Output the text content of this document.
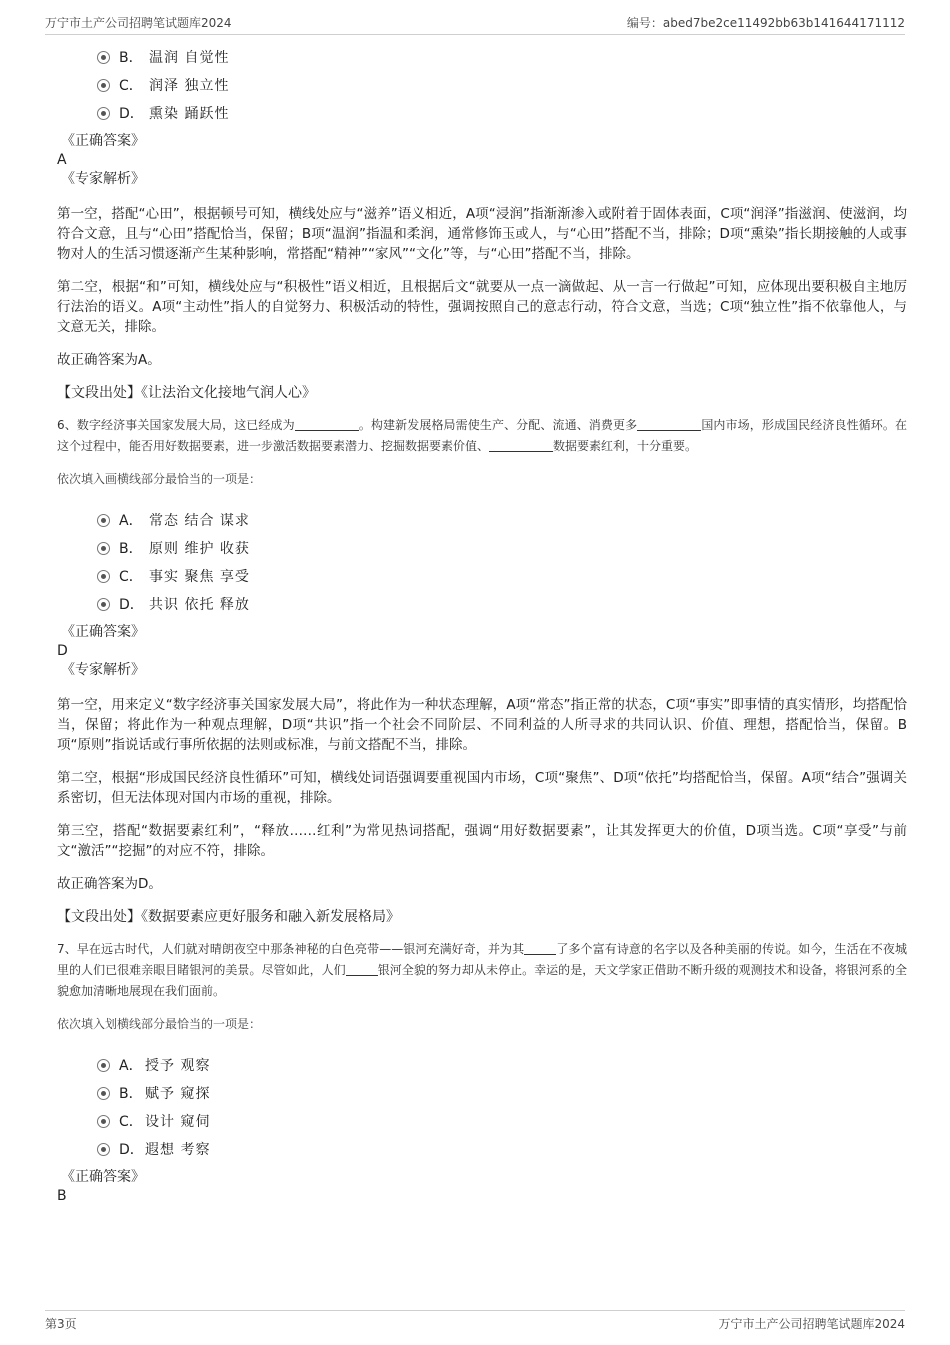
万宁市土产公司招聘笔试题库2024	编号：abed7be2ce11492bb63b141644171112
B． 温润 自觉性
C． 润泽 独立性
D． 熏染 踊跃性
《正确答案》
A
《专家解析》

第一空，搭配“心田”，根据顿号可知，横线处应与“滋养”语义相近，A项“浸润”指渐渐渗入或附着于固体表面，C项“润泽”指滋润、使滋润，均符合文意，且与“心田”搭配恰当，保留；B项“温润”指温和柔润，通常修饰玉或人，与“心田”搭配不当，排除；D项“熏染”指长期接触的人或事物对人的生活习惯逐渐产生某种影响，常搭配“精神”“家风”“文化”等，与“心田”搭配不当，排除。

第二空，根据“和”可知，横线处应与“积极性”语义相近，且根据后文“就要从一点一滴做起、从一言一行做起”可知，应体现出要积极自主地厉行法治的语义。A项“主动性”指人的自觉努力、积极活动的特性，强调按照自己的意志行动，符合文意，当选；C项“独立性”指不依靠他人，与文意无关，排除。

故正确答案为A。

【文段出处】《让法治文化接地气润人心》

6、数字经济事关国家发展大局，这已经成为	。构建新发展格局需使生产、分配、流通、消费更多	国内市场，形成国民经济良性循环。在这个过程中，能否用好数据要素，进一步激活数据要素潜力、挖掘数据要素价值、	数据要素红利，十分重要。

依次填入画横线部分最恰当的一项是：
A． 常态 结合 谋求
B． 原则 维护 收获
C． 事实 聚焦 享受
D． 共识 依托 释放
《正确答案》
D
《专家解析》

第一空，用来定义“数字经济事关国家发展大局”，将此作为一种状态理解，A项“常态”指正常的状态，C项“事实”即事情的真实情形，均搭配恰当，保留；将此作为一种观点理解，D项“共识”指一个社会不同阶层、不同利益的人所寻求的共同认识、价值、理想，搭配恰当，保留。B项“原则”指说话或行事所依据的法则或标准，与前文搭配不当，排除。

第二空，根据“形成国民经济良性循环”可知，横线处词语强调要重视国内市场，C项“聚焦”、D项“依托”均搭配恰当，保留。A项“结合”强调关系密切，但无法体现对国内市场的重视，排除。

第三空，搭配“数据要素红利”，“释放……红利”为常见热词搭配，强调“用好数据要素”，让其发挥更大的价值，D项当选。C项“享受”与前文“激活”“挖掘”的对应不符，排除。

故正确答案为D。

【文段出处】《数据要素应更好服务和融入新发展格局》

7、早在远古时代，人们就对晴朗夜空中那条神秘的白色亮带——银河充满好奇，并为其	了多个富有诗意的名字以及各种美丽的传说。如今，生活在不夜城里的人们已很难亲眼目睹银河的美景。尽管如此，人们	银河全貌的努力却从未停止。幸运的是，天文学家正借助不断升级的观测技术和设备，将银河系的全貌愈加清晰地展现在我们面前。

依次填入划横线部分最恰当的一项是：
A． 授予 观察
B． 赋予 窥探
C． 设计 窥伺
D． 遐想 考察
《正确答案》
B
第3页	万宁市土产公司招聘笔试题库2024
